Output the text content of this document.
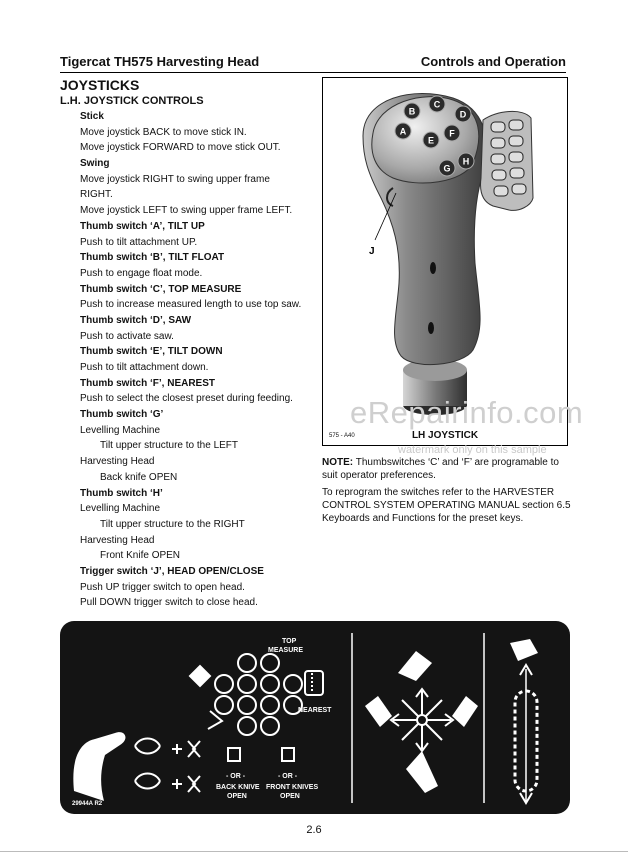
Tigercat TH575 Harvesting Head	Controls and Operation
JOYSTICKS
L.H. JOYSTICK CONTROLS
Stick
Move joystick BACK to move stick IN.
Move joystick FORWARD to move stick OUT.
Swing
Move joystick RIGHT to swing upper frame
RIGHT.
Move joystick LEFT to swing upper frame LEFT.
Thumb switch ‘A’, TILT UP
Push to tilt attachment UP.
Thumb switch ‘B’, TILT FLOAT
Push to engage float mode.
Thumb switch ‘C’, TOP MEASURE
Push to increase measured length to use top saw.
Thumb switch ‘D’, SAW
Push to activate saw.
Thumb switch ‘E’, TILT DOWN
Push to tilt attachment down.
Thumb switch ‘F’, NEAREST
Push to select the closest preset during feeding.
Thumb switch ‘G’
Levelling Machine
Tilt upper structure to the LEFT
Harvesting Head
Back knife OPEN
Thumb switch ‘H’
Levelling Machine
Tilt upper structure to the RIGHT
Harvesting Head
Front Knife OPEN
Trigger switch ‘J’, HEAD OPEN/CLOSE
Push UP trigger switch to open head.
Pull DOWN trigger switch to close head.
J
A
B
C
D
E
F
G
H
575 - A40	LH JOYSTICK
eRepairinfo.com
watermark only on this sample
NOTE: Thumbswitches ‘C’ and ‘F’ are programable to suit operator preferences.
To reprogram the switches refer to the HARVESTER CONTROL SYSTEM OPERATING MANUAL section 6.5 Keyboards and Functions for the preset keys.
TOP
MEASURE
NEAREST
- OR -	- OR -
BACK KNIVE
OPEN
FRONT KNIVES
OPEN
29944A R2
2.6
